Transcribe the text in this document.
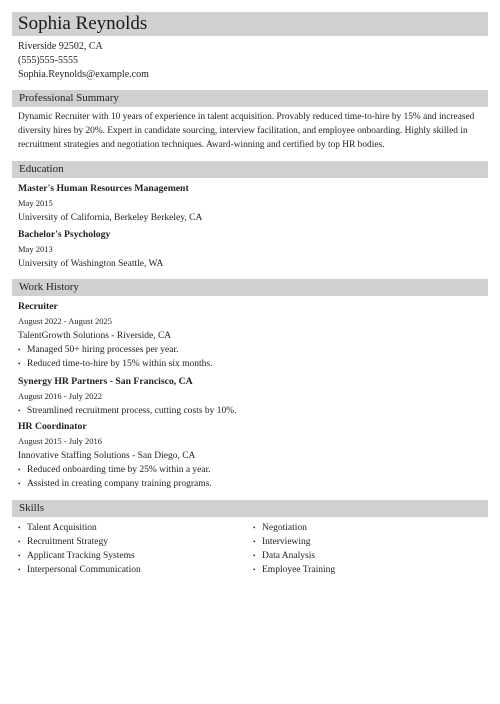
Sophia Reynolds
Riverside 92502, CA
(555)555-5555
Sophia.Reynolds@example.com
Professional Summary
Dynamic Recruiter with 10 years of experience in talent acquisition. Provably reduced time-to-hire by 15% and increased
diversity hires by 20%. Expert in candidate sourcing, interview facilitation, and employee onboarding. Highly skilled in
recruitment strategies and negotiation techniques. Award-winning and certified by top HR bodies.
Education
Master's Human Resources Management
May 2015
University of California, Berkeley Berkeley, CA
Bachelor's Psychology
May 2013
University of Washington Seattle, WA
Work History
Recruiter
August 2022 - August 2025
TalentGrowth Solutions - Riverside, CA
• Managed 50+ hiring processes per year.
• Reduced time-to-hire by 15% within six months.
Synergy HR Partners - San Francisco, CA
August 2016 - July 2022
• Streamlined recruitment process, cutting costs by 10%.
HR Coordinator
August 2015 - July 2016
Innovative Staffing Solutions - San Diego, CA
• Reduced onboarding time by 25% within a year.
• Assisted in creating company training programs.
Skills
• Talent Acquisition
• Recruitment Strategy
• Applicant Tracking Systems
• Interpersonal Communication
• Negotiation
• Interviewing
• Data Analysis
• Employee Training
